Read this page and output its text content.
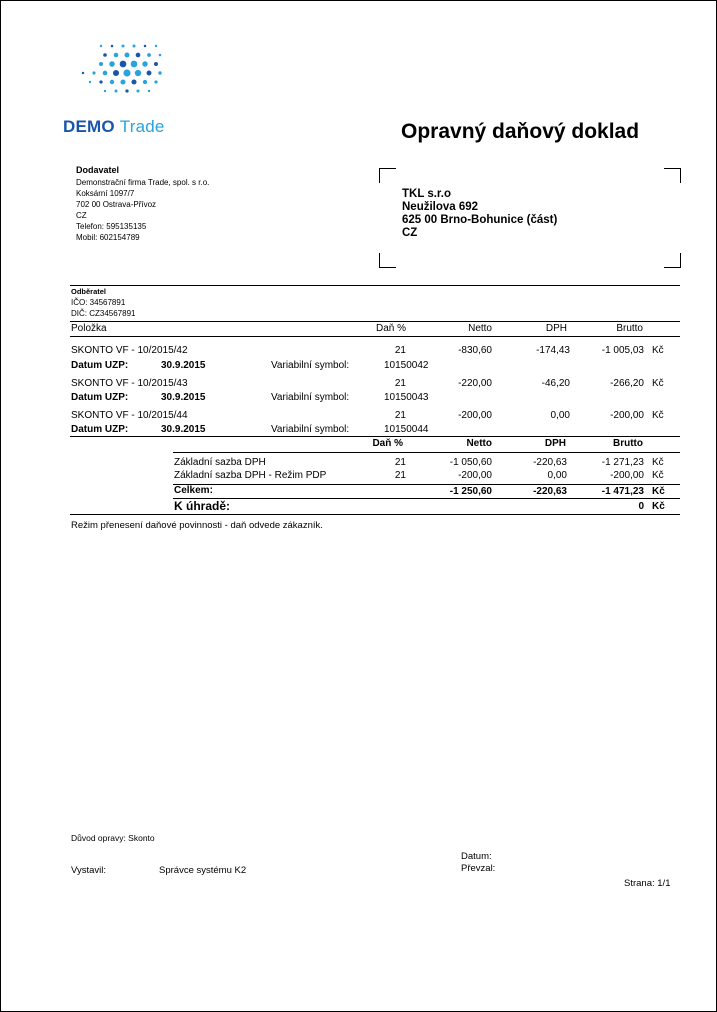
DEMO Trade	Opravný daňový doklad
Dodavatel
Demonstrační firma Trade, spol. s r.o.
Koksární 1097/7
702 00 Ostrava-Přívoz
CZ
Telefon: 595135135
Mobil: 602154789
TKL s.r.o
Neužilova 692
625 00 Brno-Bohunice (část)
CZ
Odběratel
IČO: 34567891
DIČ: CZ34567891
Položka	Daň %	Netto	DPH	Brutto
SKONTO VF - 10/2015/42	21	-830,60	-174,43	-1 005,03 Kč
Datum UZP:	30.9.2015	Variabilní symbol:	10150042
SKONTO VF - 10/2015/43	21	-220,00	-46,20	-266,20 Kč
Datum UZP:	30.9.2015	Variabilní symbol:	10150043
SKONTO VF - 10/2015/44	21	-200,00	0,00	-200,00 Kč
Datum UZP:	30.9.2015	Variabilní symbol:	10150044
Daň %	Netto	DPH	Brutto
Základní sazba DPH	21	-1 050,60	-220,63	-1 271,23 Kč
Základní sazba DPH - Režim PDP	21	-200,00	0,00	-200,00 Kč
Celkem:	-1 250,60	-220,63	-1 471,23 Kč
K úhradě:	0 Kč
Režim přenesení daňové povinnosti - daň odvede zákazník.
Důvod opravy: Skonto
Datum:
Vystavil:	Správce systému K2	Převzal:
Strana: 1/1
